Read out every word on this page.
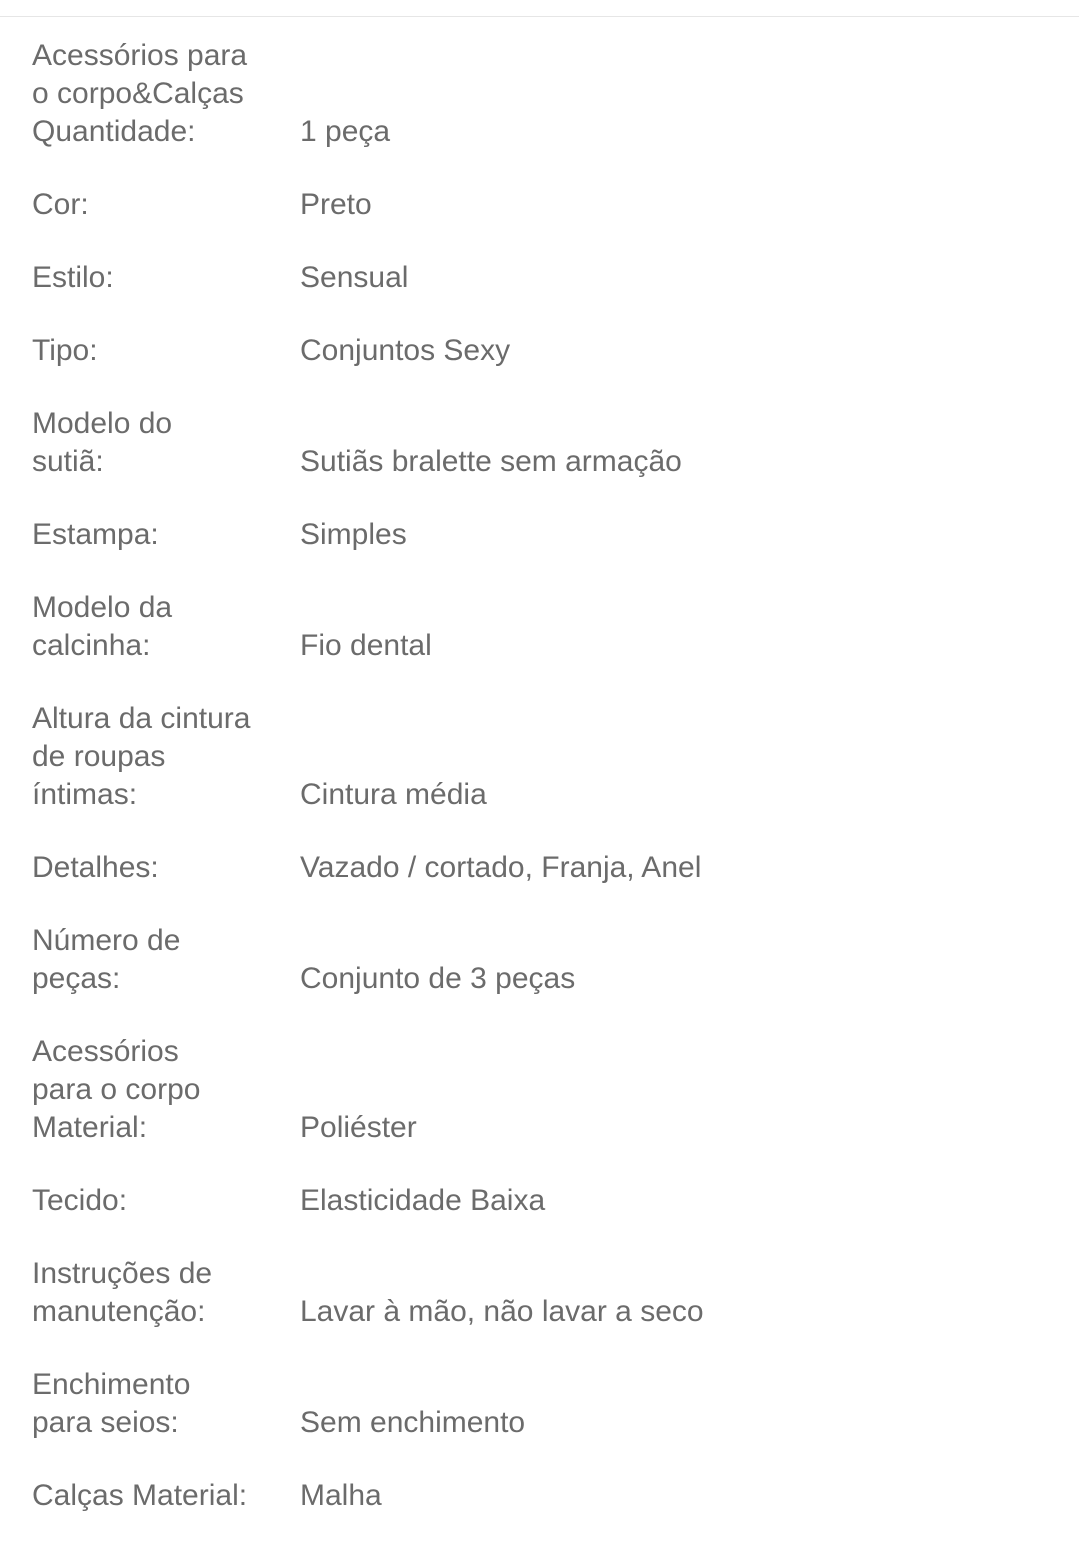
Acessórios para
o corpo&Calças
Quantidade:	1 peça
Cor:	Preto
Estilo:	Sensual
Tipo:	Conjuntos Sexy
Modelo do
sutiã:	Sutiãs bralette sem armação
Estampa:	Simples
Modelo da
calcinha:	Fio dental
Altura da cintura
de roupas
íntimas:	Cintura média
Detalhes:	Vazado / cortado, Franja, Anel
Número de
peças:	Conjunto de 3 peças
Acessórios
para o corpo
Material:	Poliéster
Tecido:	Elasticidade Baixa
Instruções de
manutenção:	Lavar à mão, não lavar a seco
Enchimento
para seios:	Sem enchimento
Calças Material:	Malha
